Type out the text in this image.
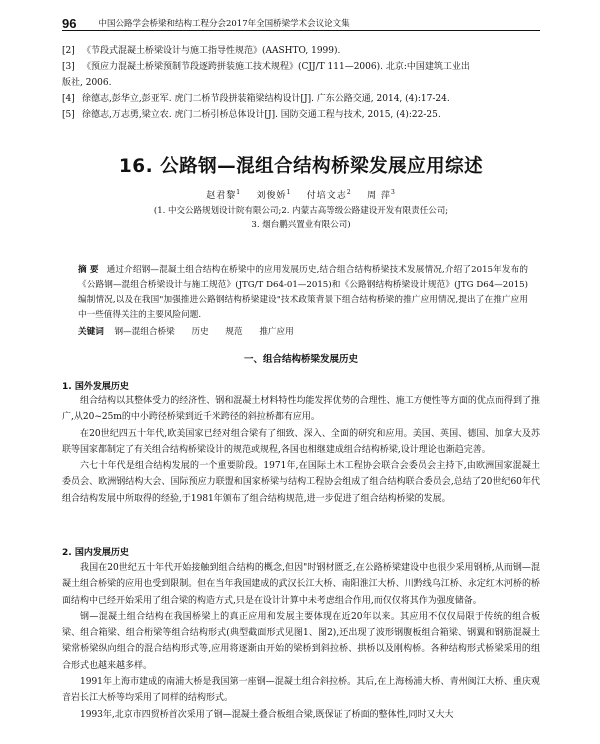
96	中国公路学会桥梁和结构工程分会2017年全国桥梁学术会议论文集
[2] 《节段式混凝土桥梁设计与施工指导性规范》(AASHTO, 1999).
[3] 《预应力混凝土桥梁预制节段逐跨拼装施工技术规程》(CJJ/T 111—2006). 北京:中国建筑工业出
版社, 2006.
[4] 徐德志,彭华立,彭亚军. 虎门二桥节段拼装箱梁结构设计[J]. 广东公路交通, 2014, (4):17-24.
[5] 徐德志,万志勇,梁立农. 虎门二桥引桥总体设计[J]. 国防交通工程与技术, 2015, (4):22-25.
16. 公路钢—混组合结构桥梁发展应用综述
赵君黎$^1$ 刘俊娇$^1$ 付培文志$^2$ 周 萍$^3$
(1. 中交公路规划设计院有限公司;2. 内蒙古高等级公路建设开发有限责任公司;
3. 烟台鹏兴置业有限公司)
摘 要 通过介绍钢—混凝土组合结构在桥梁中的应用发展历史,结合组合结构桥梁技术发展情况,介绍了2015年发布的《公路钢—混组合桥梁设计与施工规范》(JTG/T D64-01—2015)和《公路钢结构桥梁设计规范》(JTG D64—2015)编制情况,以及在我国"加强推进公路钢结构桥梁建设"技术政策背景下组合结构桥梁的推广应用情况,提出了在推广应用中一些值得关注的主要风险问题.
关键词 钢—混组合桥梁 历史 规范 推广应用
一、组合结构桥梁发展历史
1. 国外发展历史

组合结构以其整体受力的经济性、钢和混凝土材料特性均能发挥优势的合理性、施工方便性等方面的优点而得到了推广,从20~25m的中小跨径桥梁到近千米跨径的斜拉桥都有应用。

在20世纪四五十年代,欧美国家已经对组合梁有了细致、深入、全面的研究和应用。美国、英国、德国、加拿大及苏联等国家都制定了有关组合结构桥梁设计的规范或规程,各国也相继建成组合结构桥梁,设计理论也渐趋完善。

六七十年代是组合结构发展的一个重要阶段。1971年,在国际土木工程协会联合会委员会主持下,由欧洲国家混凝土委员会、欧洲钢结构大会、国际预应力联盟和国家桥梁与结构工程协会组成了组合结构联合委员会,总结了20世纪60年代组合结构发展中所取得的经验,于1981年颁布了组合结构规范,进一步促进了组合结构桥梁的发展。

2. 国内发展历史

我国在20世纪五十年代开始接触到组合结构的概念,但因"时钢材匮乏,在公路桥梁建设中也很少采用钢桥,从而钢—混凝土组合桥梁的应用也受到限制。但在当年我国建成的武汉长江大桥、南阳淮江大桥、川黔线乌江桥、永定红木河桥的桥面结构中已经开始采用了组合梁的构造方式,只是在设计计算中未考虑组合作用,而仅仅将其作为强度储备。

钢—混凝土组合结构在我国桥梁上的真正应用和发展主要体现在近20年以来。其应用不仅仅局限于传统的组合板梁、组合箱梁、组合桁梁等组合结构形式(典型截面形式见图1、图2),还出现了波形钢腹板组合箱梁、钢翼和钢筋混凝土梁常桥梁纵向组合的混合结构形式等,应用将逐渐由开始的梁桥到斜拉桥、拱桥以及刚构桥。各种结构形式桥梁采用的组合形式也越来越多样。

1991年上海市建成的南浦大桥是我国第一座钢—混凝土组合斜拉桥。其后,在上海杨浦大桥、青州闽江大桥、重庆观音岩长江大桥等均采用了同样的结构形式。

1993年,北京市四贸桥首次采用了钢—混凝土叠合板组合梁,既保证了桥面的整体性,同时又大大
